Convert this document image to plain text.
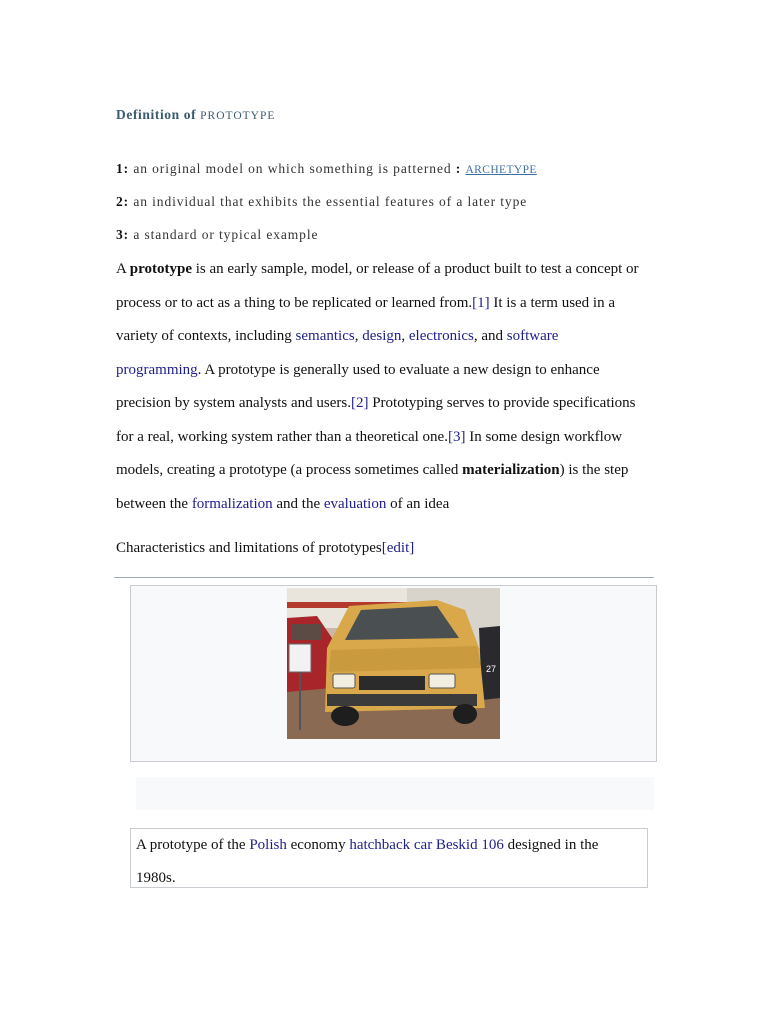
Definition of PROTOTYPE
1: an original model on which something is patterned : ARCHETYPE
2: an individual that exhibits the essential features of a later type
3: a standard or typical example
A prototype is an early sample, model, or release of a product built to test a concept or
process or to act as a thing to be replicated or learned from.[1] It is a term used in a
variety of contexts, including semantics, design, electronics, and software
programming. A prototype is generally used to evaluate a new design to enhance
precision by system analysts and users.[2] Prototyping serves to provide specifications
for a real, working system rather than a theoretical one.[3] In some design workflow
models, creating a prototype (a process sometimes called materialization) is the step
between the formalization and the evaluation of an idea
Characteristics and limitations of prototypes[edit]
27
A prototype of the Polish economy hatchback car Beskid 106 designed in the
1980s.
